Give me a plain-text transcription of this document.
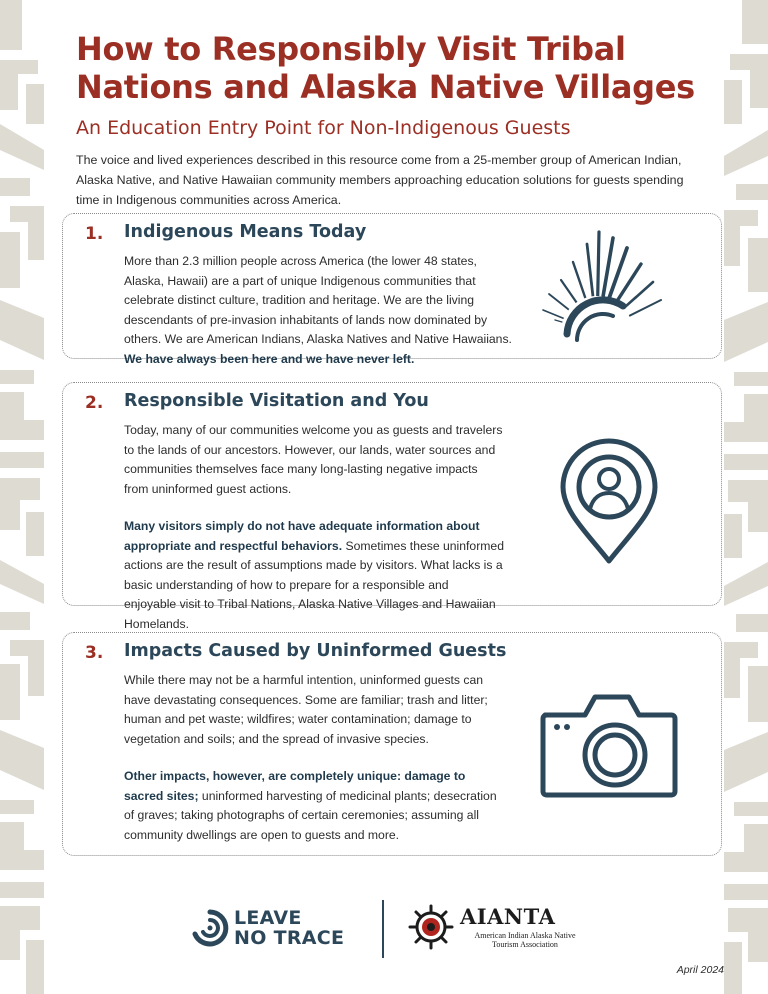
How to Responsibly Visit Tribal
Nations and Alaska Native Villages
An Education Entry Point for Non-Indigenous Guests

The voice and lived experiences described in this resource come from a 25-member group of American Indian, Alaska Native, and Native Hawaiian community members approaching education solutions for guests spending time in Indigenous communities across America.

1. Indigenous Means Today

More than 2.3 million people across America (the lower 48 states, Alaska, Hawaii) are a part of unique Indigenous communities that celebrate distinct culture, tradition and heritage. We are the living descendants of pre-invasion inhabitants of lands now dominated by others. We are American Indians, Alaska Natives and Native Hawaiians. We have always been here and we have never left.

2. Responsible Visitation and You

Today, many of our communities welcome you as guests and travelers to the lands of our ancestors. However, our lands, water sources and communities themselves face many long-lasting negative impacts from uninformed guest actions.

Many visitors simply do not have adequate information about appropriate and respectful behaviors. Sometimes these uninformed actions are the result of assumptions made by visitors. What lacks is a basic understanding of how to prepare for a responsible and enjoyable visit to Tribal Nations, Alaska Native Villages and Hawaiian Homelands.

3. Impacts Caused by Uninformed Guests

While there may not be a harmful intention, uninformed guests can have devastating consequences. Some are familiar; trash and litter; human and pet waste; wildfires; water contamination; damage to vegetation and soils; and the spread of invasive species.

Other impacts, however, are completely unique: damage to sacred sites; uninformed harvesting of medicinal plants; desecration of graves; taking photographs of certain ceremonies; assuming all community dwellings are open to guests and more.

LEAVE
NO TRACE
AIANTA
American Indian Alaska Native
Tourism Association
April 2024
